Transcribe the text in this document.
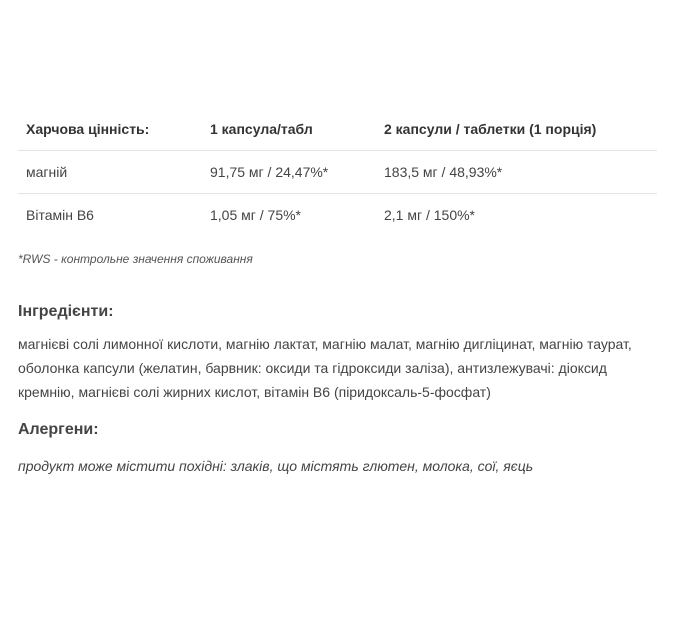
Харчова цінність:	1 капсула/табл	2 капсули / таблетки (1 порція)
магній	91,75 мг / 24,47%*	183,5 мг / 48,93%*
Вітамін B6	1,05 мг / 75%*	2,1 мг / 150%*

*RWS - контрольне значення споживання

Інгредієнти:

магнієві солі лимонної кислоти, магнію лактат, магнію малат, магнію дигліцинат, магнію таурат, оболонка капсули (желатин, барвник: оксиди та гідроксиди заліза), антизлежувачі: діоксид кремнію, магнієві солі жирних кислот, вітамін B6 (піридоксаль-5-фосфат)

Алергени:

продукт може містити похідні: злаків, що містять глютен, молока, сої, яєць
